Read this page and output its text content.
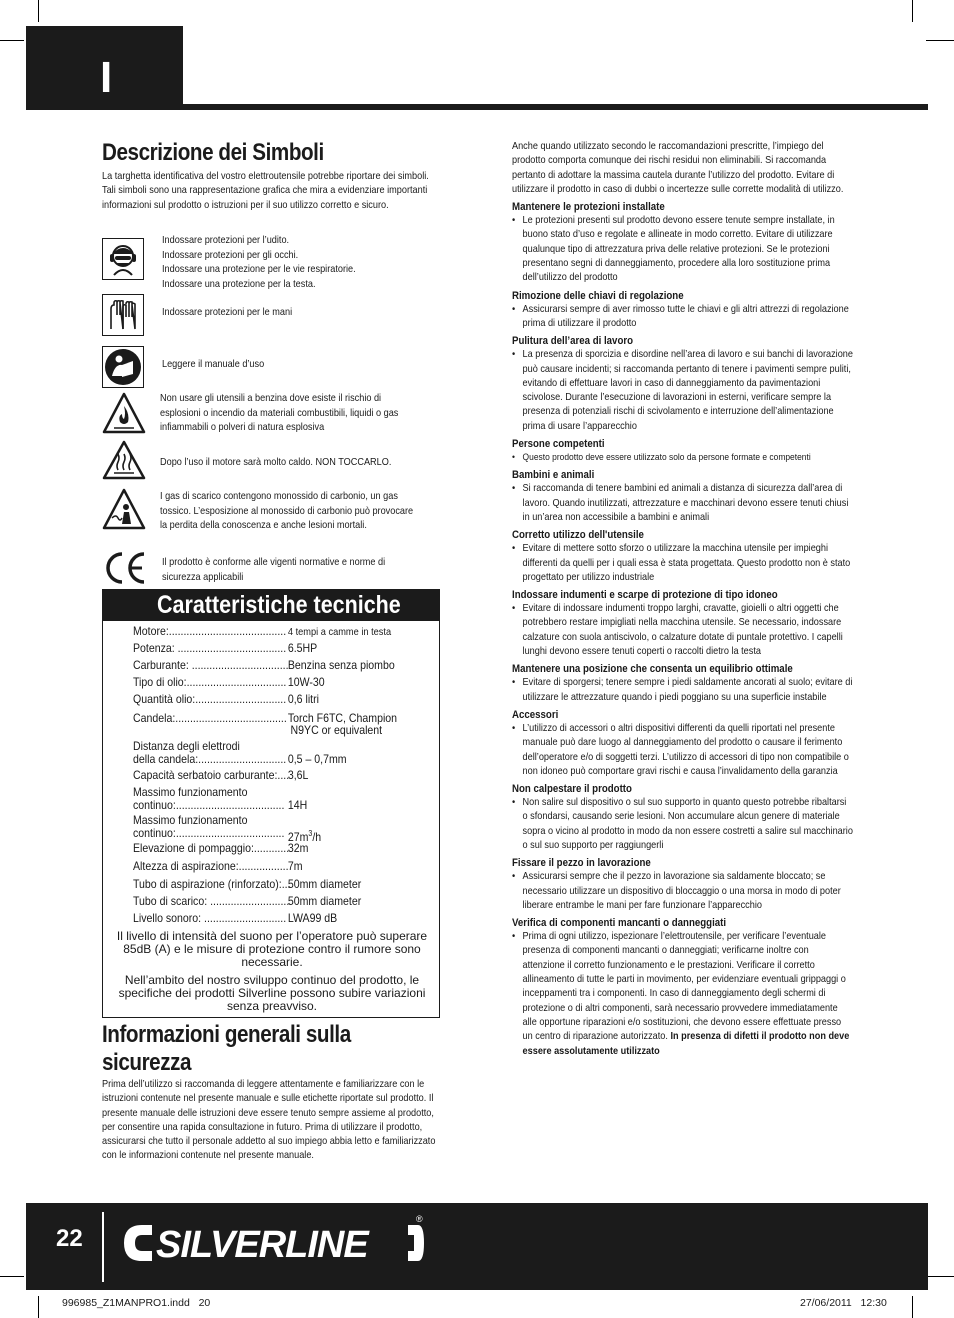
I
Descrizione dei Simboli
La targhetta identificativa del vostro elettroutensile potrebbe riportare dei simboli. Tali simboli sono una rappresentazione grafica che mira a evidenziare importanti informazioni sul prodotto o istruzioni per il suo utilizzo corretto e sicuro.
Indossare protezioni per l’udito.
Indossare protezioni per gli occhi.
Indossare una protezione per le vie respiratorie.
Indossare una protezione per la testa.
Indossare protezioni per le mani
Leggere il manuale d’uso
Non usare gli utensili a benzina dove esiste il rischio di
esplosioni o incendio da materiali combustibili, liquidi o gas
infiammabili o polveri di natura esplosiva
Dopo l’uso il motore sarà molto caldo. NON TOCCARLO.
I gas di scarico contengono monossido di carbonio, un gas
tossico. L’esposizione al monossido di carbonio può provocare
la perdita della conoscenza e anche lesioni mortali.
Il prodotto è conforme alle vigenti normative e norme di
sicurezza applicabili
Caratteristiche tecniche
Motore:........................................ 4 tempi a camme in testa
Potenza: ..................................... 6.5HP
Carburante: ................................. Benzina senza piombo
Tipo di olio:.................................. 10W-30
Quantità olio:............................... 0,6 litri
Candela:...................................... Torch F6TC, Champion
N9YC or equivalent
Distanza degli elettrodi
della candela:.............................. 0,5 – 0,7mm
Capacità serbatoio carburante:....
3,6L
Massimo funzionamento
continuo:..................................... 14H
Massimo funzionamento
continuo:..................................... $27m^3/h$
Elevazione di pompaggio:............
32m
Altezza di aspirazione:................. 7m
Tubo di aspirazione (rinforzato):...
50mm diameter
Tubo di scarico: ...........................
50mm diameter
Livello sonoro: ............................ LWA99 dB
Il livello di intensità del suono per l’operatore può superare 85dB (A) e le misure di protezione contro il rumore sono necessarie.
Nell’ambito del nostro sviluppo continuo del prodotto, le specifiche dei prodotti Silverline possono subire variazioni senza preavviso.
Informazioni generali sulla
sicurezza
Prima dell’utilizzo si raccomanda di leggere attentamente e familiarizzare con le istruzioni contenute nel presente manuale e sulle etichette riportate sul prodotto. Il presente manuale delle istruzioni deve essere tenuto sempre assieme al prodotto, per consentire una rapida consultazione in futuro. Prima di utilizzare il prodotto, assicurarsi che tutto il personale addetto al suo impiego abbia letto e familiarizzato con le informazioni contenute nel presente manuale.
Anche quando utilizzato secondo le raccomandazioni prescritte, l’impiego del prodotto comporta comunque dei rischi residui non eliminabili. Si raccomanda pertanto di adottare la massima cautela durante l’utilizzo del prodotto. Evitare di utilizzare il prodotto in caso di dubbi o incertezze sulle corrette modalità di utilizzo.
Mantenere le protezioni installate
• Le protezioni presenti sul prodotto devono essere tenute sempre installate, in buono stato d’uso e regolate e allineate in modo corretto. Evitare di utilizzare qualunque tipo di attrezzatura priva delle relative protezioni. Se le protezioni presentano segni di danneggiamento, procedere alla loro sostituzione prima dell’utilizzo del prodotto
Rimozione delle chiavi di regolazione
• Assicurarsi sempre di aver rimosso tutte le chiavi e gli altri attrezzi di regolazione prima di utilizzare il prodotto
Pulitura dell’area di lavoro
• La presenza di sporcizia e disordine nell’area di lavoro e sui banchi di lavorazione può causare incidenti; si raccomanda pertanto di tenere i pavimenti sempre puliti, evitando di effettuare lavori in caso di danneggiamento da pavimentazioni scivolose. Durante l’esecuzione di lavorazioni in esterni, verificare sempre la presenza di potenziali rischi di scivolamento e interruzione dell’alimentazione prima di usare l’apparecchio
Persone competenti
• Questo prodotto deve essere utilizzato solo da persone formate e competenti
Bambini e animali
• Si raccomanda di tenere bambini ed animali a distanza di sicurezza dall’area di lavoro. Quando inutilizzati, attrezzature e macchinari devono essere tenuti chiusi in un’area non accessibile a bambini e animali
Corretto utilizzo dell'utensile
• Evitare di mettere sotto sforzo o utilizzare la macchina utensile per impieghi differenti da quelli per i quali essa è stata progettata. Questo prodotto non è stato progettato per utilizzo industriale
Indossare indumenti e scarpe di protezione di tipo idoneo
• Evitare di indossare indumenti troppo larghi, cravatte, gioielli o altri oggetti che potrebbero restare impigliati nella macchina utensile. Se necessario, indossare calzature con suola antiscivolo, o calzature dotate di puntale protettivo. I capelli lunghi devono essere tenuti coperti o raccolti dietro la testa
Mantenere una posizione che consenta un equilibrio ottimale
• Evitare di sporgersi; tenere sempre i piedi saldamente ancorati al suolo; evitare di utilizzare le attrezzature quando i piedi poggiano su una superficie instabile
Accessori
• L’utilizzo di accessori o altri dispositivi differenti da quelli riportati nel presente manuale può dare luogo al danneggiamento del prodotto o causare il ferimento dell’operatore e/o di soggetti terzi. L’utilizzo di accessori di tipo non compatibile o non idoneo può comportare gravi rischi e causa l’invalidamento della garanzia
Non calpestare il prodotto
• Non salire sul dispositivo o sul suo supporto in quanto questo potrebbe ribaltarsi o sfondarsi, causando serie lesioni. Non accumulare alcun genere di materiale sopra o vicino al prodotto in modo da non essere costretti a salire sul macchinario o sul suo supporto per raggiungerli
Fissare il pezzo in lavorazione
• Assicurarsi sempre che il pezzo in lavorazione sia saldamente bloccato; se necessario utilizzare un dispositivo di bloccaggio o una morsa in modo di poter liberare entrambe le mani per fare funzionare l’apparecchio
Verifica di componenti mancanti o danneggiati
• Prima di ogni utilizzo, ispezionare l’elettroutensile, per verificare l’eventuale presenza di componenti mancanti o danneggiati; verificarne inoltre con attenzione il corretto funzionamento e le prestazioni. Verificare il corretto allineamento di tutte le parti in movimento, per evidenziare eventuali grippaggi o inceppamenti tra i componenti. In caso di danneggiamento degli schermi di protezione o di altri componenti, sarà necessario provvedere immediatamente alle opportune riparazioni e/o sostituzioni, che devono essere effettuate presso un centro di riparazione autorizzato. In presenza di difetti il prodotto non deve essere assolutamente utilizzato
22 SILVERLINE
®
996985_Z1MANPRO1.indd   20	27/06/2011   12:30
